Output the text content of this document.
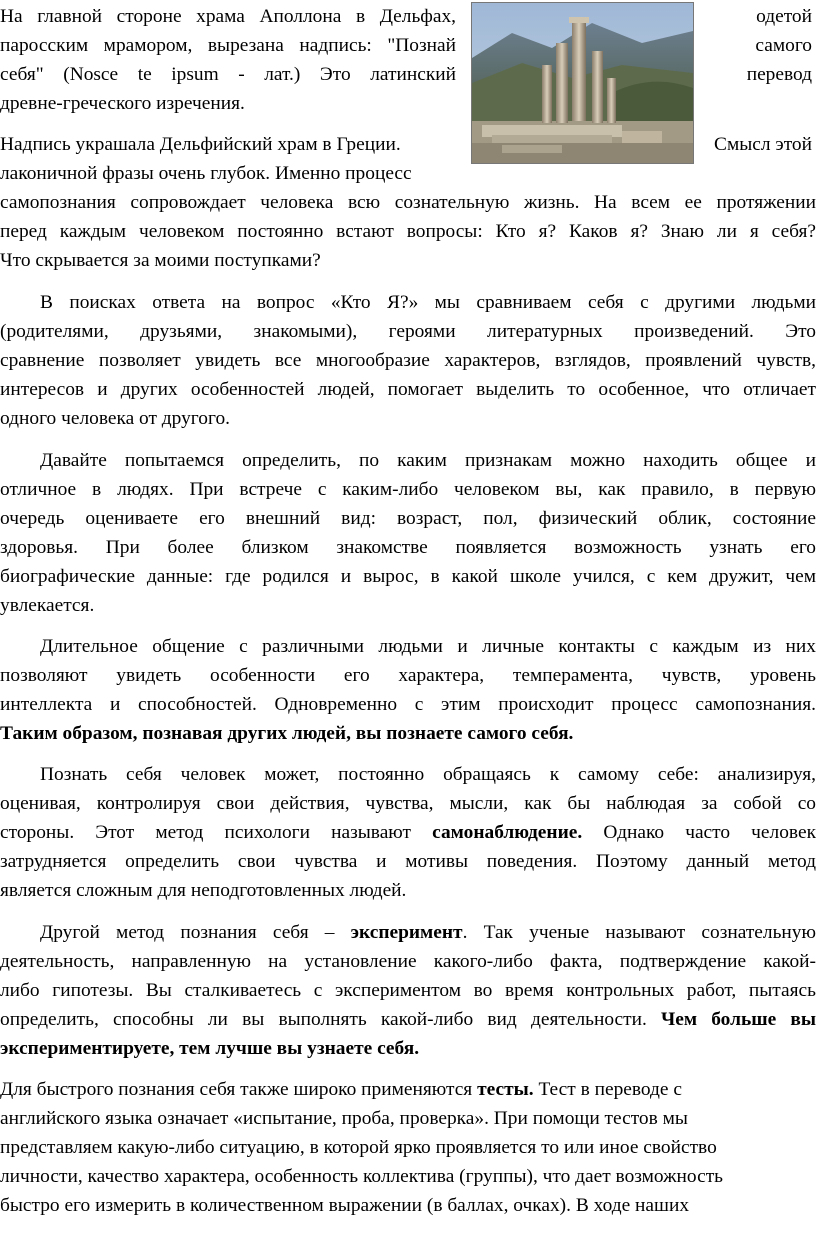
На главной стороне храма Аполлона в Дельфах,	одетой
паросским мрамором, вырезана надпись: "Познай	самого
себя" (Nosce te ipsum - лат.) Это латинский	перевод
древне-греческого изречения.
Надпись украшала Дельфийский храм в Греции.	Смысл этой
лаконичной фразы очень глубок. Именно процесс
самопознания сопровождает человека всю сознательную жизнь. На всем ее протяжении
перед каждым человеком постоянно встают вопросы: Кто я? Каков я? Знаю ли я себя?
Что скрывается за моими поступками?
В поисках ответа на вопрос «Кто Я?» мы сравниваем себя с другими людьми
(родителями, друзьями, знакомыми), героями литературных произведений. Это
сравнение позволяет увидеть все многообразие характеров, взглядов, проявлений чувств,
интересов и других особенностей людей, помогает выделить то особенное, что отличает
одного человека от другого.
Давайте попытаемся определить, по каким признакам можно находить общее и
отличное в людях. При встрече с каким-либо человеком вы, как правило, в первую
очередь оцениваете его внешний вид: возраст, пол, физический облик, состояние
здоровья. При более близком знакомстве появляется возможность узнать его
биографические данные: где родился и вырос, в какой школе учился, с кем дружит, чем
увлекается.
Длительное общение с различными людьми и личные контакты с каждым из них
позволяют увидеть особенности его характера, темперамента, чувств, уровень
интеллекта и способностей. Одновременно с этим происходит процесс самопознания.
Таким образом, познавая других людей, вы познаете самого себя.
Познать себя человек может, постоянно обращаясь к самому себе: анализируя,
оценивая, контролируя свои действия, чувства, мысли, как бы наблюдая за собой со
стороны. Этот метод психологи называют самонаблюдение. Однако часто человек
затрудняется определить свои чувства и мотивы поведения. Поэтому данный метод
является сложным для неподготовленных людей.
Другой метод познания себя – эксперимент. Так ученые называют сознательную
деятельность, направленную на установление какого-либо факта, подтверждение какой-
либо гипотезы. Вы сталкиваетесь с экспериментом во время контрольных работ, пытаясь
определить, способны ли вы выполнять какой-либо вид деятельности. Чем больше вы
экспериментируете, тем лучше вы узнаете себя.
Для быстрого познания себя также широко применяются тесты. Тест в переводе с
английского языка означает «испытание, проба, проверка». При помощи тестов мы
представляем какую-либо ситуацию, в которой ярко проявляется то или иное свойство
личности, качество характера, особенность коллектива (группы), что дает возможность
быстро его измерить в количественном выражении (в баллах, очках). В ходе наших
